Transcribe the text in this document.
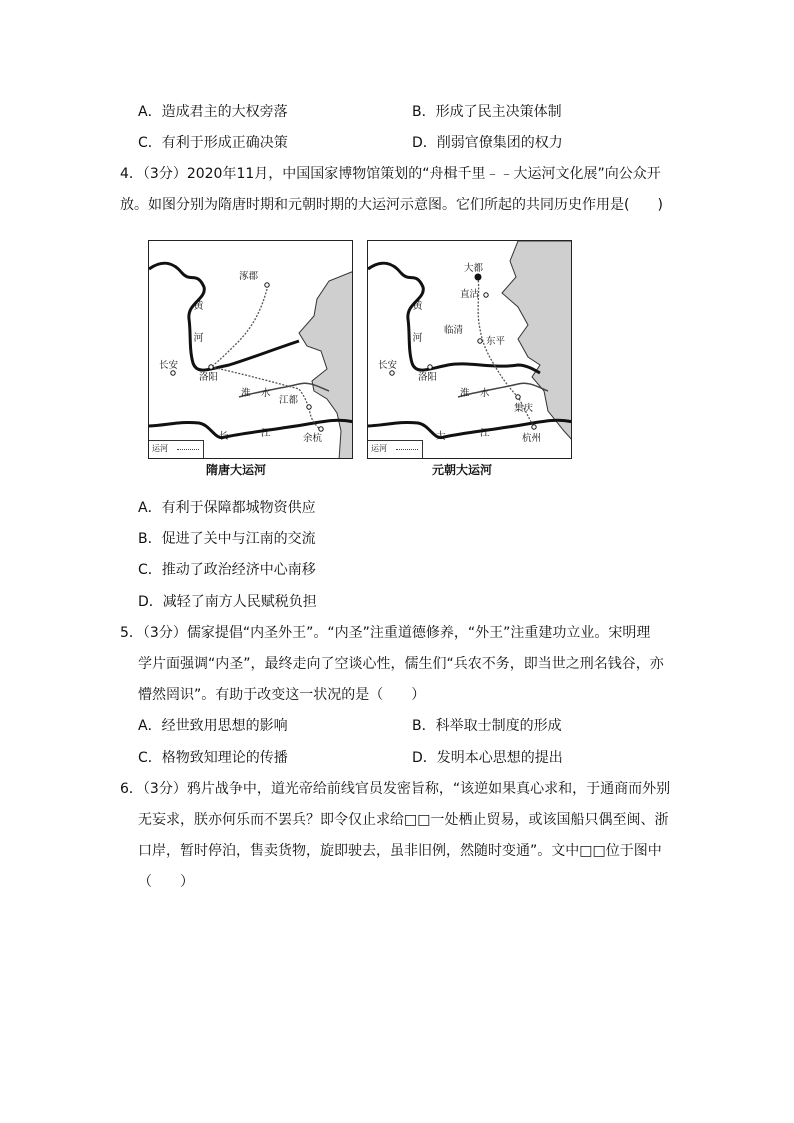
A．造成君主的大权旁落	B．形成了民主决策体制
C．有利于形成正确决策	D．削弱官僚集团的权力
4．（3分）2020年11月，中国国家博物馆策划的“舟楫千里﹣﹣大运河文化展”向公众开
放。如图分别为隋唐时期和元朝时期的大运河示意图。它们所起的共同历史作用是(　　)
涿郡
黄
河
长安
洛阳
淮 水
江都
长	江	余杭
运河
隋唐大运河
大都
直沽
黄
河
临清
东平
长安
洛阳
淮 水
集庆
大	江	杭州
运河
元朝大运河
A．有利于保障都城物资供应
B．促进了关中与江南的交流
C．推动了政治经济中心南移
D．减轻了南方人民赋税负担
5．（3分）儒家提倡“内圣外王”。“内圣”注重道德修养，“外王”注重建功立业。宋明理
学片面强调“内圣”，最终走向了空谈心性，儒生们“兵农不务，即当世之刑名钱谷，亦
懵然罔识”。有助于改变这一状况的是（　　）
A．经世致用思想的影响	B．科举取士制度的形成
C．格物致知理论的传播	D．发明本心思想的提出
6．（3分）鸦片战争中，道光帝给前线官员发密旨称，“该逆如果真心求和，于通商而外别
无妄求，朕亦何乐而不罢兵？即令仅止求给□□一处栖止贸易，或该国船只偶至闽、浙
口岸，暂时停泊，售卖货物，旋即驶去，虽非旧例，然随时变通”。文中□□位于图中
（　　）
